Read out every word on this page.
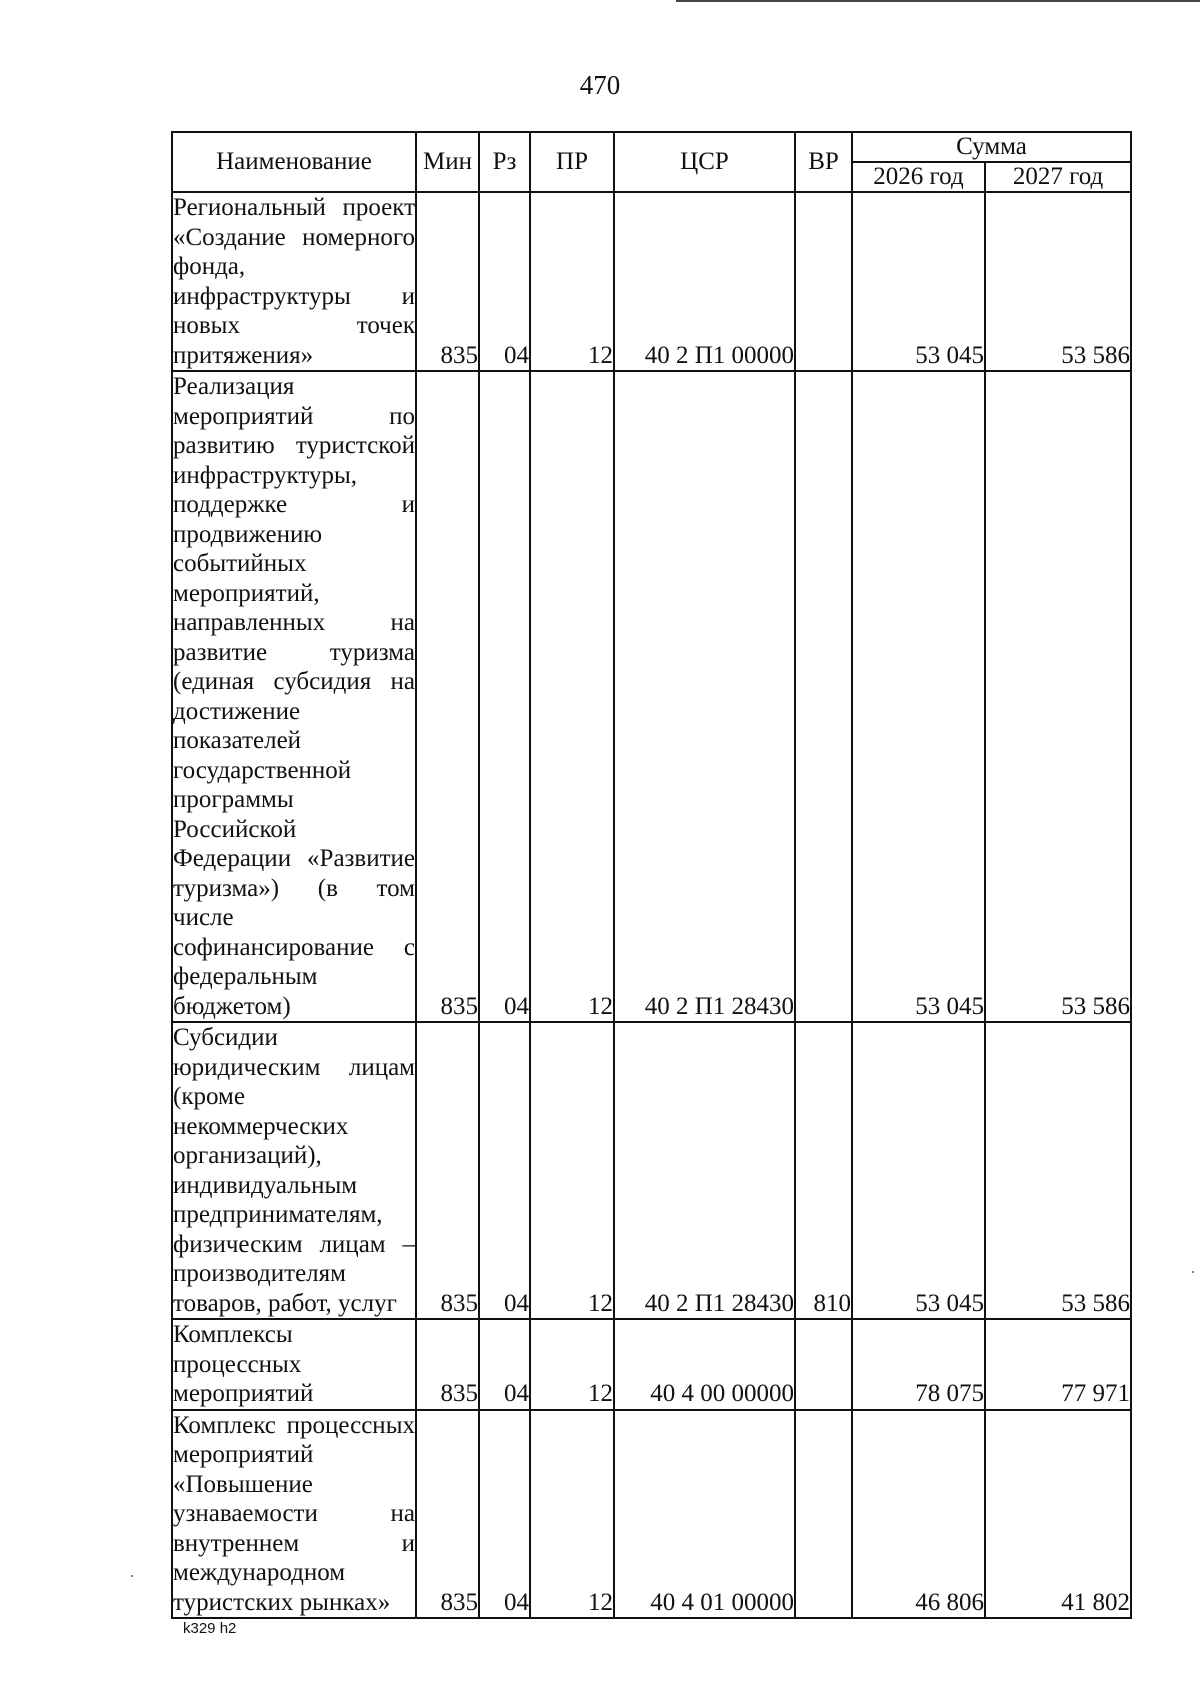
470
Наименование	Мин	Рз	ПР	ЦСР	ВР	Сумма	
						2026 год	2027 год
Региональный проект «Создание номерного фонда, инфраструктуры и новых точек притяжения»	835	04	12	40 2 П1 00000		53 045	53 586
Реализация мероприятий по развитию туристской инфраструктуры, поддержке и продвижению событийных мероприятий, направленных на развитие туризма (единая субсидия на достижение показателей государственной программы Российской Федерации «Развитие туризма») (в том числе софинансирование с федеральным бюджетом)	835	04	12	40 2 П1 28430		53 045	53 586
Субсидии юридическим лицам (кроме некоммерческих организаций), индивидуальным предпринимателям, физическим лицам – производителям товаров, работ, услуг	835	04	12	40 2 П1 28430	810	53 045	53 586
Комплексы процессных мероприятий	835	04	12	40 4 00 00000		78 075	77 971
Комплекс процессных мероприятий «Повышение узнаваемости на внутреннем и международном туристских рынках»	835	04	12	40 4 01 00000		46 806	41 802
k329 h2
